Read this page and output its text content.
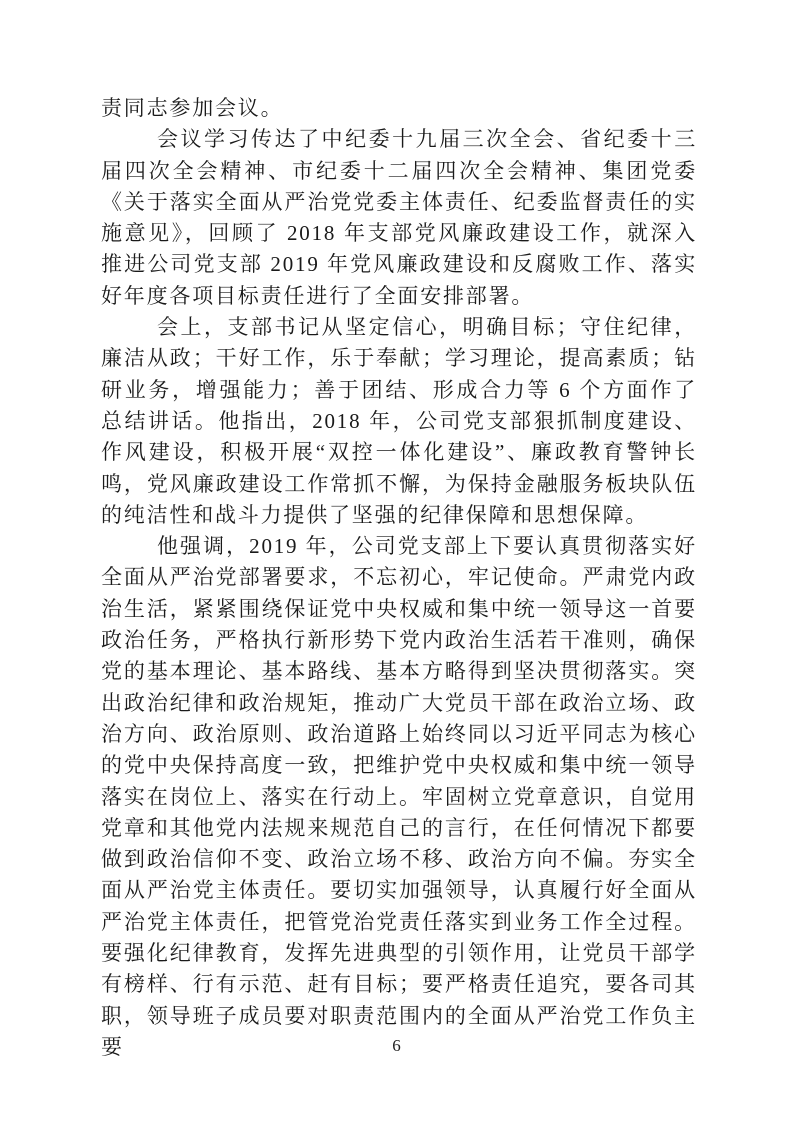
责同志参加会议。

会议学习传达了中纪委十九届三次全会、省纪委十三届四次全会精神、市纪委十二届四次全会精神、集团党委《关于落实全面从严治党党委主体责任、纪委监督责任的实施意见》，回顾了 2018 年支部党风廉政建设工作，就深入推进公司党支部 2019 年党风廉政建设和反腐败工作、落实好年度各项目标责任进行了全面安排部署。

会上，支部书记从坚定信心，明确目标；守住纪律，廉洁从政；干好工作，乐于奉献；学习理论，提高素质；钻研业务，增强能力；善于团结、形成合力等 6 个方面作了总结讲话。他指出，2018 年，公司党支部狠抓制度建设、作风建设，积极开展“双控一体化建设”、廉政教育警钟长鸣，党风廉政建设工作常抓不懈，为保持金融服务板块队伍的纯洁性和战斗力提供了坚强的纪律保障和思想保障。

他强调，2019 年，公司党支部上下要认真贯彻落实好全面从严治党部署要求，不忘初心，牢记使命。严肃党内政治生活，紧紧围绕保证党中央权威和集中统一领导这一首要政治任务，严格执行新形势下党内政治生活若干准则，确保党的基本理论、基本路线、基本方略得到坚决贯彻落实。突出政治纪律和政治规矩，推动广大党员干部在政治立场、政治方向、政治原则、政治道路上始终同以习近平同志为核心的党中央保持高度一致，把维护党中央权威和集中统一领导落实在岗位上、落实在行动上。牢固树立党章意识，自觉用党章和其他党内法规来规范自己的言行，在任何情况下都要做到政治信仰不变、政治立场不移、政治方向不偏。夯实全面从严治党主体责任。要切实加强领导，认真履行好全面从严治党主体责任，把管党治党责任落实到业务工作全过程。要强化纪律教育，发挥先进典型的引领作用，让党员干部学有榜样、行有示范、赶有目标；要严格责任追究，要各司其职，领导班子成员要对职责范围内的全面从严治党工作负主要	6
